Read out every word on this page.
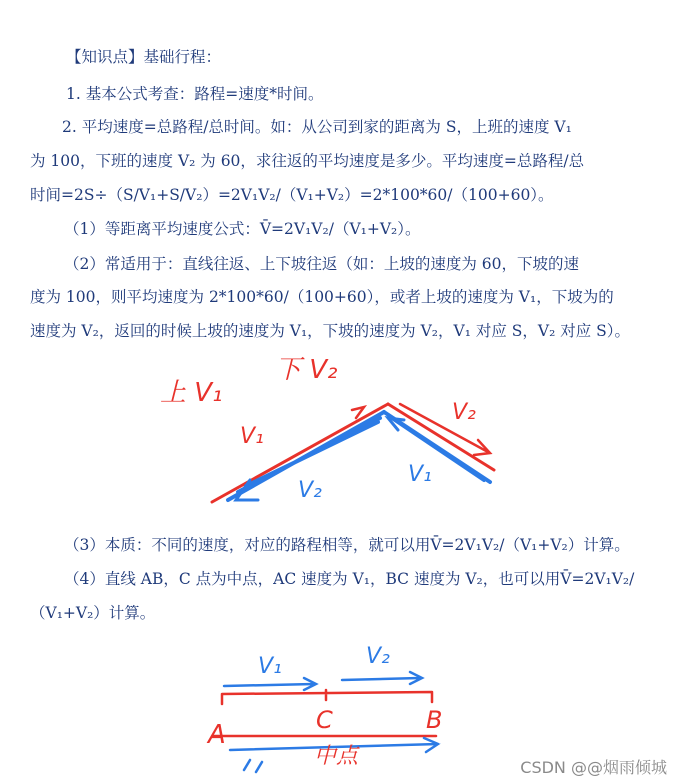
【知识点】基础行程：
1. 基本公式考查：路程=速度*时间。
2. 平均速度=总路程/总时间。如：从公司到家的距离为 S，上班的速度 V₁
为 100，下班的速度 V₂ 为 60，求往返的平均速度是多少。平均速度=总路程/总
时间=2S÷（S/V₁+S/V₂）=2V₁V₂/（V₁+V₂）=2*100*60/（100+60）。
（1）等距离平均速度公式：V̄=2V₁V₂/（V₁+V₂）。
（2）常适用于：直线往返、上下坡往返（如：上坡的速度为 60，下坡的速
度为 100，则平均速度为 2*100*60/（100+60），或者上坡的速度为 V₁，下坡为的
速度为 V₂，返回的时候上坡的速度为 V₁，下坡的速度为 V₂，V₁ 对应 S，V₂ 对应 S）。
（3）本质：不同的速度，对应的路程相等，就可以用V̄=2V₁V₂/（V₁+V₂）计算。
（4）直线 AB，C 点为中点，AC 速度为 V₁，BC 速度为 V₂，也可以用V̄=2V₁V₂/
（V₁+V₂）计算。
上 V₁
下 V₂
V₁
V₂
V₂
V₁
V₁	V₂
A	C	B
中点	CSDN @@烟雨倾城
